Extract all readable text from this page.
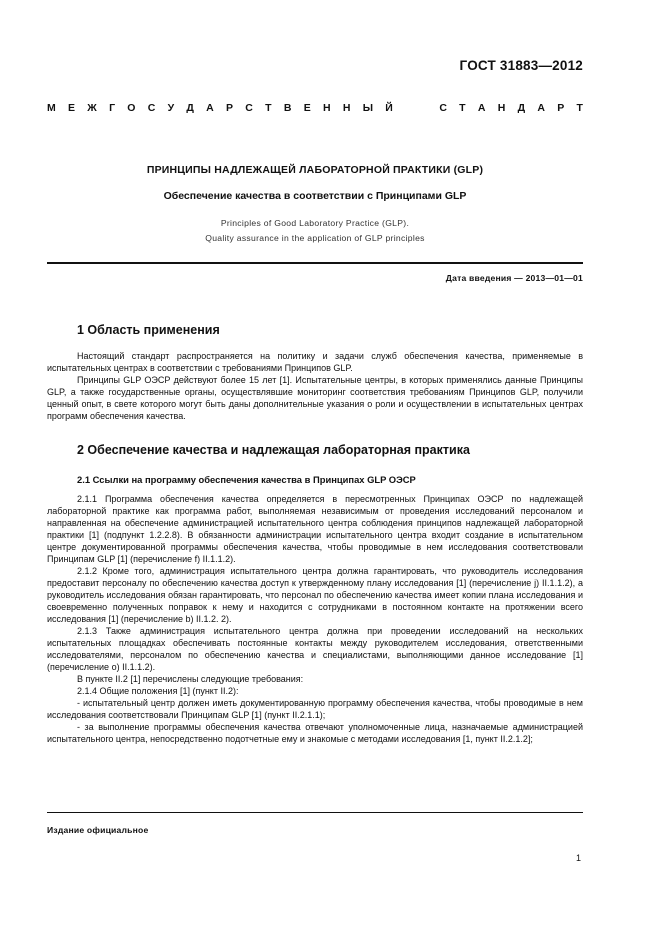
ГОСТ 31883—2012
М Е Ж Г О С У Д А Р С Т В Е Н Н Ы Й	С Т А Н Д А Р Т
ПРИНЦИПЫ НАДЛЕЖАЩЕЙ ЛАБОРАТОРНОЙ ПРАКТИКИ (GLP)
Обеспечение качества в соответствии с Принципами GLP
Principles of Good Laboratory Practice (GLP).
Quality assurance in the application of GLP principles
Дата введения — 2013—01—01
1 Область применения

Настоящий стандарт распространяется на политику и задачи служб обеспечения качества, применяемые в испытательных центрах в соответствии с требованиями Принципов GLP.

Принципы GLP ОЭСР действуют более 15 лет [1]. Испытательные центры, в которых применялись данные Принципы GLP, а также государственные органы, осуществлявшие мониторинг соответствия требованиям Принципов GLP, получили ценный опыт, в свете которого могут быть даны дополнительные указания о роли и осуществлении в испытательных центрах программ обеспечения качества.

2 Обеспечение качества и надлежащая лабораторная практика
2.1 Ссылки на программу обеспечения качества в Принципах GLP ОЭСР

2.1.1 Программа обеспечения качества определяется в пересмотренных Принципах ОЭСР по надлежащей лабораторной практике как программа работ, выполняемая независимым от проведения исследований персоналом и направленная на обеспечение администрацией испытательного центра соблюдения принципов надлежащей лабораторной практики [1] (подпункт 1.2.2.8). В обязанности администрации испытательного центра входит создание в испытательном центре документированной программы обеспечения качества, чтобы проводимые в нем исследования соответствовали Принципам GLP [1] (перечисление f) II.1.1.2).

2.1.2 Кроме того, администрация испытательного центра должна гарантировать, что руководитель исследования предоставит персоналу по обеспечению качества доступ к утвержденному плану исследования [1] (перечисление j) II.1.1.2), а руководитель исследования обязан гарантировать, что персонал по обеспечению качества имеет копии плана исследования и своевременно полученных поправок к нему и находится с сотрудниками в постоянном контакте на протяжении всего исследования [1] (перечисление b) II.1.2. 2).

2.1.3 Также администрация испытательного центра должна при проведении исследований на нескольких испытательных площадках обеспечивать постоянные контакты между руководителем исследования, ответственными исследователями, персоналом по обеспечению качества и специалистами, выполняющими данное исследование [1] (перечисление о) II.1.1.2).

В пункте II.2 [1] перечислены следующие требования:

2.1.4 Общие положения [1] (пункт II.2):

- испытательный центр должен иметь документированную программу обеспечения качества, чтобы проводимые в нем исследования соответствовали Принципам GLP [1] (пункт II.2.1.1);

- за выполнение программы обеспечения качества отвечают уполномоченные лица, назначаемые администрацией испытательного центра, непосредственно подотчетные ему и знакомые с методами исследования [1, пункт II.2.1.2];

Издание официальное
1
